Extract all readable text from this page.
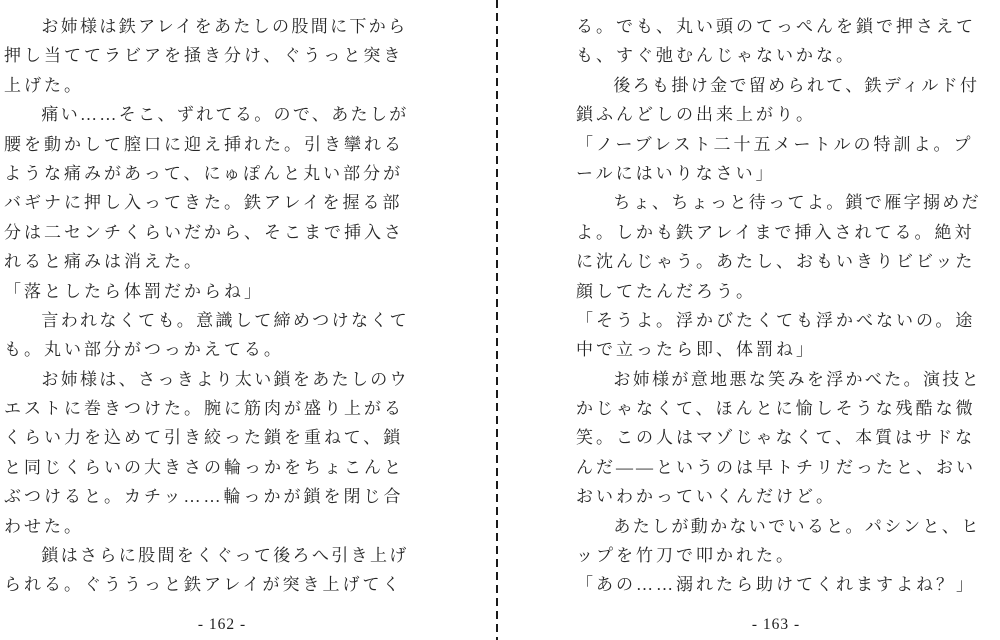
　お姉様は鉄アレイをあたしの股間に下から
押し当ててラビアを掻き分け、ぐうっと突き
上げた。
　痛い……そこ、ずれてる。ので、あたしが
腰を動かして膣口に迎え挿れた。引き攣れる
ような痛みがあって、にゅぽんと丸い部分が
バギナに押し入ってきた。鉄アレイを握る部
分は二センチくらいだから、そこまで挿入さ
れると痛みは消えた。
「落としたら体罰だからね」
　言われなくても。意識して締めつけなくて
も。丸い部分がつっかえてる。
　お姉様は、さっきより太い鎖をあたしのウ
エストに巻きつけた。腕に筋肉が盛り上がる
くらい力を込めて引き絞った鎖を重ねて、鎖
と同じくらいの大きさの輪っかをちょこんと
ぶつけると。カチッ……輪っかが鎖を閉じ合
わせた。
　鎖はさらに股間をくぐって後ろへ引き上げ
られる。ぐううっと鉄アレイが突き上げてく
- 162 -
る。でも、丸い頭のてっぺんを鎖で押さえて
も、すぐ弛むんじゃないかな。
　後ろも掛け金で留められて、鉄ディルド付
鎖ふんどしの出来上がり。
「ノーブレスト二十五メートルの特訓よ。プ
ールにはいりなさい」
　ちょ、ちょっと待ってよ。鎖で雁字搦めだ
よ。しかも鉄アレイまで挿入されてる。絶対
に沈んじゃう。あたし、おもいきりビビッた
顔してたんだろう。
「そうよ。浮かびたくても浮かべないの。途
中で立ったら即、体罰ね」
　お姉様が意地悪な笑みを浮かべた。演技と
かじゃなくて、ほんとに愉しそうな残酷な微
笑。この人はマゾじゃなくて、本質はサドな
んだ——というのは早トチリだったと、おい
おいわかっていくんだけど。
　あたしが動かないでいると。パシンと、ヒ
ップを竹刀で叩かれた。
「あの……溺れたら助けてくれますよね？」
- 163 -
